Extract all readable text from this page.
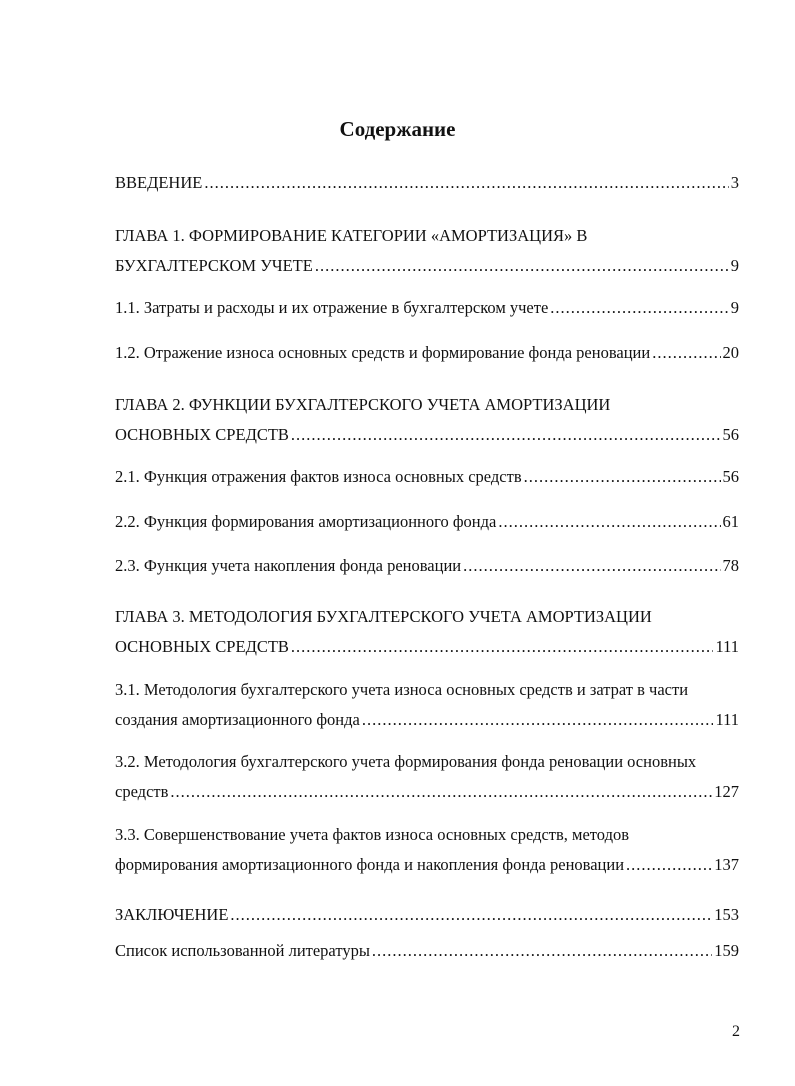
Содержание
ВВЕДЕНИЕ .....	3
ГЛАВА 1. ФОРМИРОВАНИЕ КАТЕГОРИИ «АМОРТИЗАЦИЯ» В
БУХГАЛТЕРСКОМ УЧЕТЕ .....	9
1.1. Затраты и расходы и их отражение в бухгалтерском учете .....	9
1.2. Отражение износа основных средств и формирование фонда реновации .....	20
ГЛАВА 2. ФУНКЦИИ БУХГАЛТЕРСКОГО УЧЕТА АМОРТИЗАЦИИ
ОСНОВНЫХ СРЕДСТВ .....	56
2.1. Функция отражения фактов износа основных средств .....	56
2.2. Функция формирования амортизационного фонда .....	61
2.3. Функция учета накопления фонда реновации .....	78
ГЛАВА 3. МЕТОДОЛОГИЯ БУХГАЛТЕРСКОГО УЧЕТА АМОРТИЗАЦИИ
ОСНОВНЫХ СРЕДСТВ .....	111
3.1. Методология бухгалтерского учета износа основных средств и затрат в части
создания амортизационного фонда .....	111
3.2. Методология бухгалтерского учета формирования фонда реновации основных
средств .....	127
3.3. Совершенствование учета фактов износа основных средств, методов
формирования амортизационного фонда и накопления фонда реновации .....	137
ЗАКЛЮЧЕНИЕ .....	153
Список использованной литературы .....	159
2
